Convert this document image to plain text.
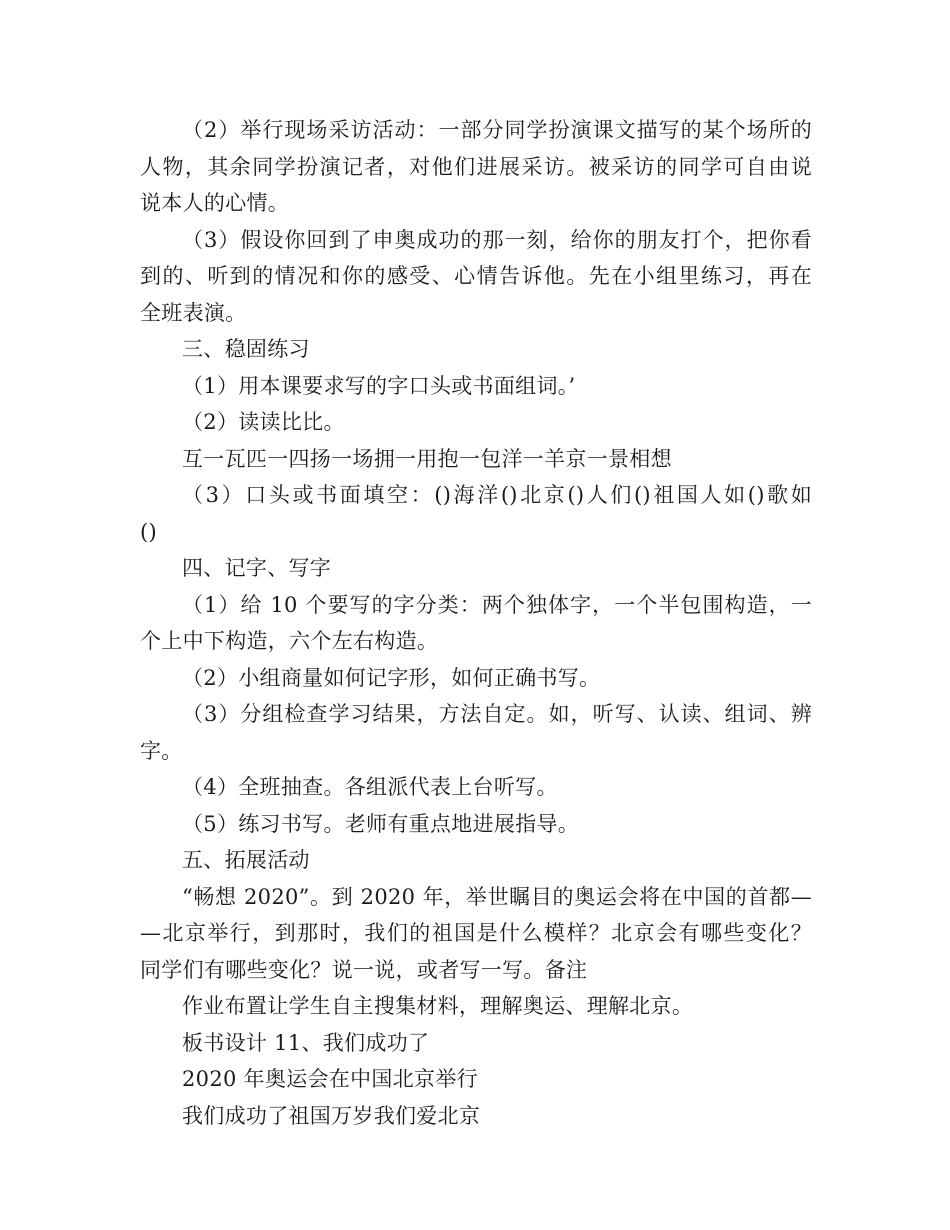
（2）举行现场采访活动：一部分同学扮演课文描写的某个场所的
人物，其余同学扮演记者，对他们进展采访。被采访的同学可自由说
说本人的心情。
（3）假设你回到了申奥成功的那一刻，给你的朋友打个，把你看
到的、听到的情况和你的感受、心情告诉他。先在小组里练习，再在
全班表演。
三、稳固练习
（1）用本课要求写的字口头或书面组词。’
（2）读读比比。
互一瓦匹一四扬一场拥一用抱一包洋一羊京一景相想
（3）口头或书面填空：()海洋()北京()人们()祖国人如()歌如
()
四、记字、写字
（1）给 10 个要写的字分类：两个独体字，一个半包围构造，一
个上中下构造，六个左右构造。
（2）小组商量如何记字形，如何正确书写。
（3）分组检查学习结果，方法自定。如，听写、认读、组词、辨
字。
（4）全班抽查。各组派代表上台听写。
（5）练习书写。老师有重点地进展指导。
五、拓展活动
“畅想 2020”。到 2020 年，举世瞩目的奥运会将在中国的首都—
—北京举行，到那时，我们的祖国是什么模样？北京会有哪些变化？
同学们有哪些变化？说一说，或者写一写。备注
作业布置让学生自主搜集材料，理解奥运、理解北京。
板书设计 11、我们成功了
2020 年奥运会在中国北京举行
我们成功了祖国万岁我们爱北京
